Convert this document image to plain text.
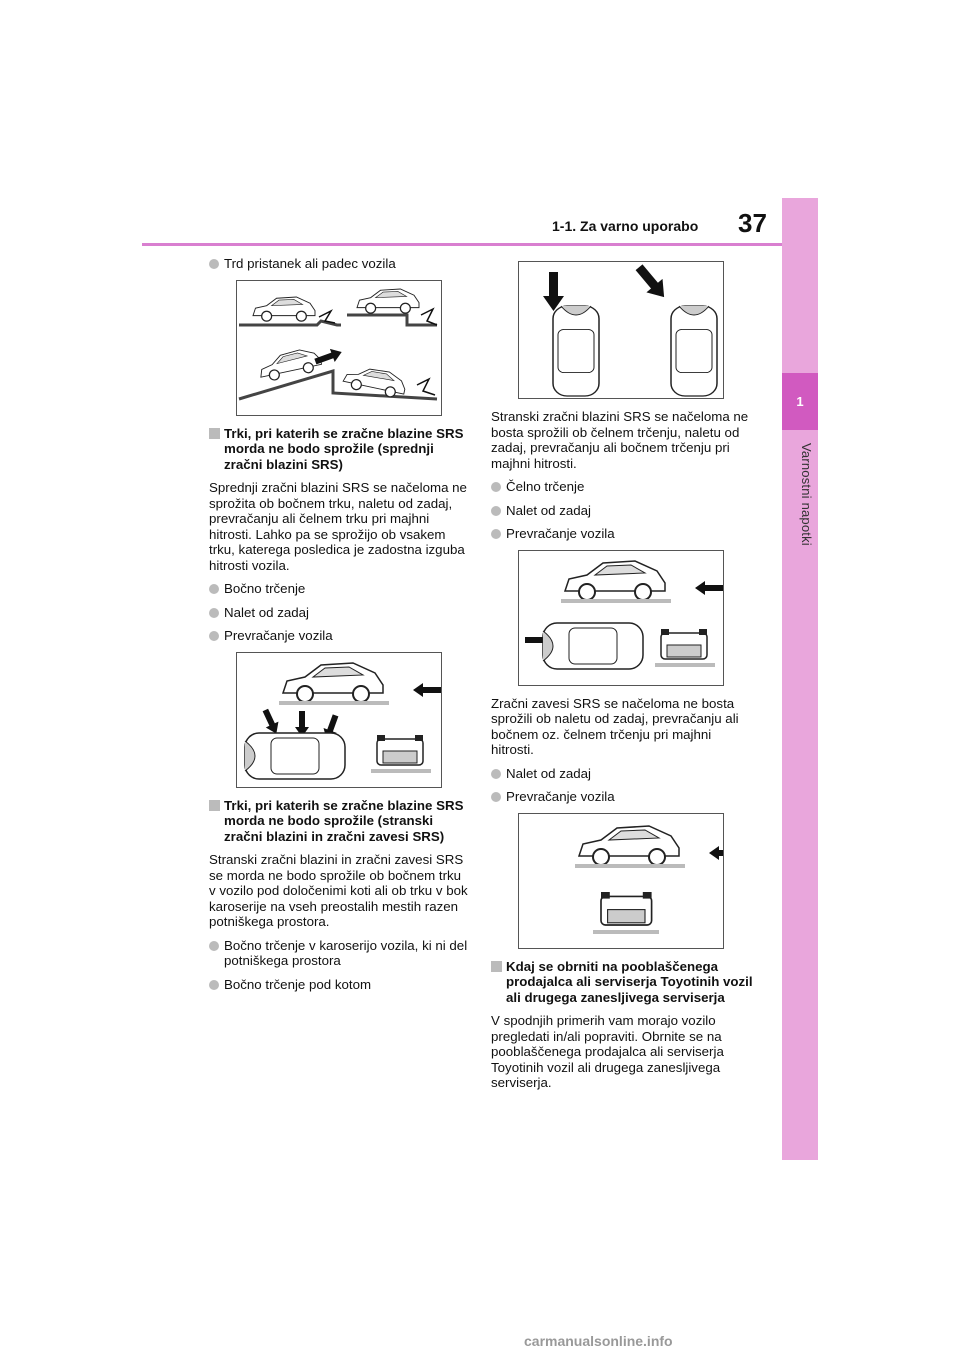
1
Varnostni napotki
1-1. Za varno uporabo 37
Trd pristanek ali padec vozila
Trki, pri katerih se zračne blazine SRS morda ne bodo sprožile (sprednji zračni blazini SRS)

Sprednji zračni blazini SRS se načeloma ne sprožita ob bočnem trku, naletu od zadaj, prevračanju ali čelnem trku pri majhni hitrosti. Lahko pa se sprožijo ob vsakem trku, katerega posledica je zadostna izguba hitrosti vozila.

Bočno trčenje
Nalet od zadaj
Prevračanje vozila
Trki, pri katerih se zračne blazine SRS morda ne bodo sprožile (stranski zračni blazini in zračni zavesi SRS)

Stranski zračni blazini in zračni zavesi SRS se morda ne bodo sprožile ob bočnem trku v vozilo pod določenimi koti ali ob trku v bok karoserije na vseh preostalih mestih razen potniškega prostora.

Bočno trčenje v karoserijo vozila, ki ni del potniškega prostora
Bočno trčenje pod kotom

Stranski zračni blazini SRS se načeloma ne bosta sprožili ob čelnem trčenju, naletu od zadaj, prevračanju ali bočnem trčenju pri majhni hitrosti.

Čelno trčenje
Nalet od zadaj
Prevračanje vozila

Zračni zavesi SRS se načeloma ne bosta sprožili ob naletu od zadaj, prevračanju ali bočnem oz. čelnem trčenju pri majhni hitrosti.

Nalet od zadaj
Prevračanje vozila
Kdaj se obrniti na pooblaščenega prodajalca ali serviserja Toyotinih vozil ali drugega zanesljivega serviserja

V spodnjih primerih vam morajo vozilo pregledati in/ali popraviti. Obrnite se na pooblaščenega prodajalca ali serviserja Toyotinih vozil ali drugega zanesljivega serviserja.

carmanualsonline.info
